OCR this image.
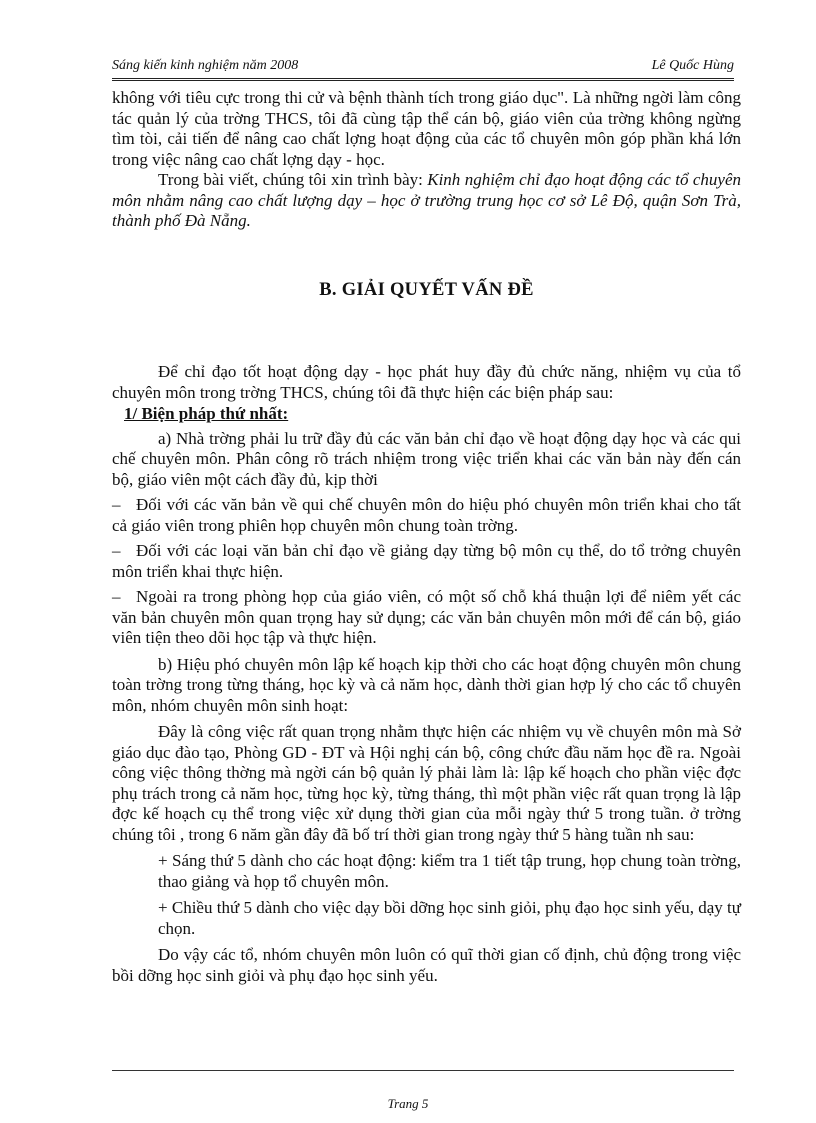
Sáng kiến kinh nghiệm năm 2008	Lê Quốc Hùng

không với tiêu cực trong thi cử và bệnh thành tích trong giáo dục". Là những ngời làm công tác quản lý của trờng THCS, tôi đã cùng tập thể cán bộ, giáo viên của trờng không ngừng tìm tòi, cải tiến để nâng cao chất lợng hoạt động của các tổ chuyên môn góp phần khá lớn trong việc nâng cao chất lợng dạy - học.

Trong bài viết, chúng tôi xin trình bày: Kinh nghiệm chỉ đạo hoạt động các tổ chuyên môn nhằm nâng cao chất lượng dạy – học ở trường trung học cơ sở Lê Độ, quận Sơn Trà, thành phố Đà Nẵng.

B. GIẢI QUYẾT VẤN ĐỀ

Để chỉ đạo tốt hoạt động dạy - học phát huy đầy đủ chức năng, nhiệm vụ của tổ chuyên môn trong trờng THCS, chúng tôi đã thực hiện các biện pháp sau:

1/ Biện pháp thứ nhất:

a) Nhà trờng phải lu trữ đầy đủ các văn bản chỉ đạo về hoạt động dạy học và các qui chế chuyên môn. Phân công rõ trách nhiệm trong việc triển khai các văn bản này đến cán bộ, giáo viên một cách đầy đủ, kịp thời

– Đối với các văn bản về qui chế chuyên môn do hiệu phó chuyên môn triển khai cho tất cả giáo viên trong phiên họp chuyên môn chung toàn trờng.

– Đối với các loại văn bản chỉ đạo về giảng dạy từng bộ môn cụ thể, do tổ trởng chuyên môn triển khai thực hiện.

– Ngoài ra trong phòng họp của giáo viên, có một số chỗ khá thuận lợi để niêm yết các văn bản chuyên môn quan trọng hay sử dụng; các văn bản chuyên môn mới để cán bộ, giáo viên tiện theo dõi học tập và thực hiện.

b) Hiệu phó chuyên môn lập kế hoạch kịp thời cho các hoạt động chuyên môn chung toàn trờng trong từng tháng, học kỳ và cả năm học, dành thời gian hợp lý cho các tổ chuyên môn, nhóm chuyên môn sinh hoạt:

Đây là công việc rất quan trọng nhằm thực hiện các nhiệm vụ về chuyên môn mà Sở giáo dục đào tạo, Phòng GD - ĐT và Hội nghị cán bộ, công chức đầu năm học đề ra. Ngoài công việc thông thờng mà ngời cán bộ quản lý phải làm là: lập kế hoạch cho phần việc đợc phụ trách trong cả năm học, từng học kỳ, từng tháng, thì một phần việc rất quan trọng là lập đợc kế hoạch cụ thể trong việc xử dụng thời gian của mỗi ngày thứ 5 trong tuần. ở trờng chúng tôi , trong 6 năm gần đây đã bố trí thời gian trong ngày thứ 5 hàng tuần nh sau:

+ Sáng thứ 5 dành cho các hoạt động: kiểm tra 1 tiết tập trung, họp chung toàn trờng, thao giảng và họp tổ chuyên môn.

+ Chiều thứ 5 dành cho việc dạy bồi dỡng học sinh giỏi, phụ đạo học sinh yếu, dạy tự chọn.

Do vậy các tổ, nhóm chuyên môn luôn có quĩ thời gian cố định, chủ động trong việc bồi dỡng học sinh giỏi và phụ đạo học sinh yếu.

Trang 5
